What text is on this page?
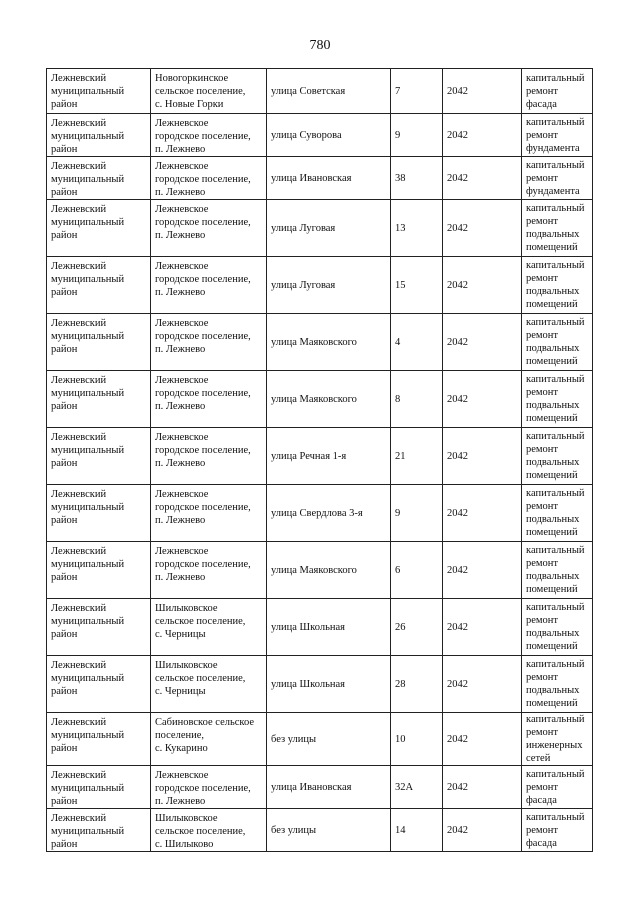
780
Лежневский
муниципальный
район	Новогоркинское
сельское поселение,
с. Новые Горки	улица Советская	7	2042	капитальный
ремонт фасада
Лежневский
муниципальный
район	Лежневское
городское поселение,
п. Лежнево	улица Суворова	9	2042	капитальный
ремонт
фундамента
Лежневский
муниципальный
район	Лежневское
городское поселение,
п. Лежнево	улица Ивановская	38	2042	капитальный
ремонт
фундамента
Лежневский
муниципальный
район	Лежневское
городское поселение,
п. Лежнево	улица Луговая	13	2042	капитальный
ремонт
подвальных
помещений
Лежневский
муниципальный
район	Лежневское
городское поселение,
п. Лежнево	улица Луговая	15	2042	капитальный
ремонт
подвальных
помещений
Лежневский
муниципальный
район	Лежневское
городское поселение,
п. Лежнево	улица Маяковского	4	2042	капитальный
ремонт
подвальных
помещений
Лежневский
муниципальный
район	Лежневское
городское поселение,
п. Лежнево	улица Маяковского	8	2042	капитальный
ремонт
подвальных
помещений
Лежневский
муниципальный
район	Лежневское
городское поселение,
п. Лежнево	улица Речная 1-я	21	2042	капитальный
ремонт
подвальных
помещений
Лежневский
муниципальный
район	Лежневское
городское поселение,
п. Лежнево	улица Свердлова 3-я	9	2042	капитальный
ремонт
подвальных
помещений
Лежневский
муниципальный
район	Лежневское
городское поселение,
п. Лежнево	улица Маяковского	6	2042	капитальный
ремонт
подвальных
помещений
Лежневский
муниципальный
район	Шилыковское
сельское поселение,
с. Черницы	улица Школьная	26	2042	капитальный
ремонт
подвальных
помещений
Лежневский
муниципальный
район	Шилыковское
сельское поселение,
с. Черницы	улица Школьная	28	2042	капитальный
ремонт
подвальных
помещений
Лежневский
муниципальный
район	Сабиновское сельское
поселение,
с. Кукарино	без улицы	10	2042	капитальный
ремонт
инженерных
сетей
Лежневский
муниципальный
район	Лежневское
городское поселение,
п. Лежнево	улица Ивановская	32А	2042	капитальный
ремонт фасада
Лежневский
муниципальный
район	Шилыковское
сельское поселение,
с. Шилыково	без улицы	14	2042	капитальный
ремонт фасада
